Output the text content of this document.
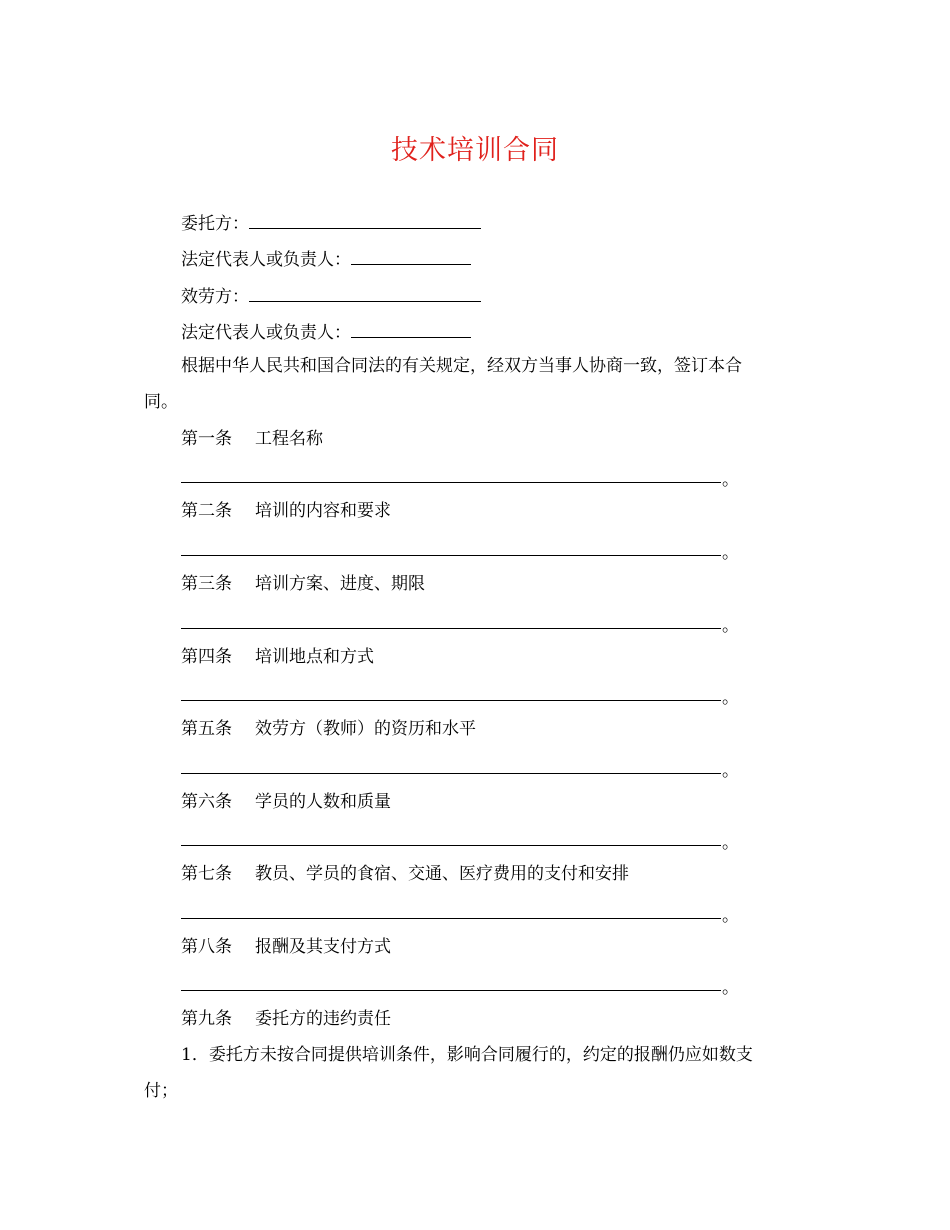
技术培训合同
委托方：
法定代表人或负责人：
效劳方：
法定代表人或负责人：
根据中华人民共和国合同法的有关规定，经双方当事人协商一致，签订本合
同。
第一条 工程名称
。
第二条 培训的内容和要求
。
第三条 培训方案、进度、期限
。
第四条 培训地点和方式
。
第五条 效劳方（教师）的资历和水平
。
第六条 学员的人数和质量
。
第七条 教员、学员的食宿、交通、医疗费用的支付和安排
。
第八条 报酬及其支付方式
。
第九条 委托方的违约责任
1．委托方未按合同提供培训条件，影响合同履行的，约定的报酬仍应如数支
付；
